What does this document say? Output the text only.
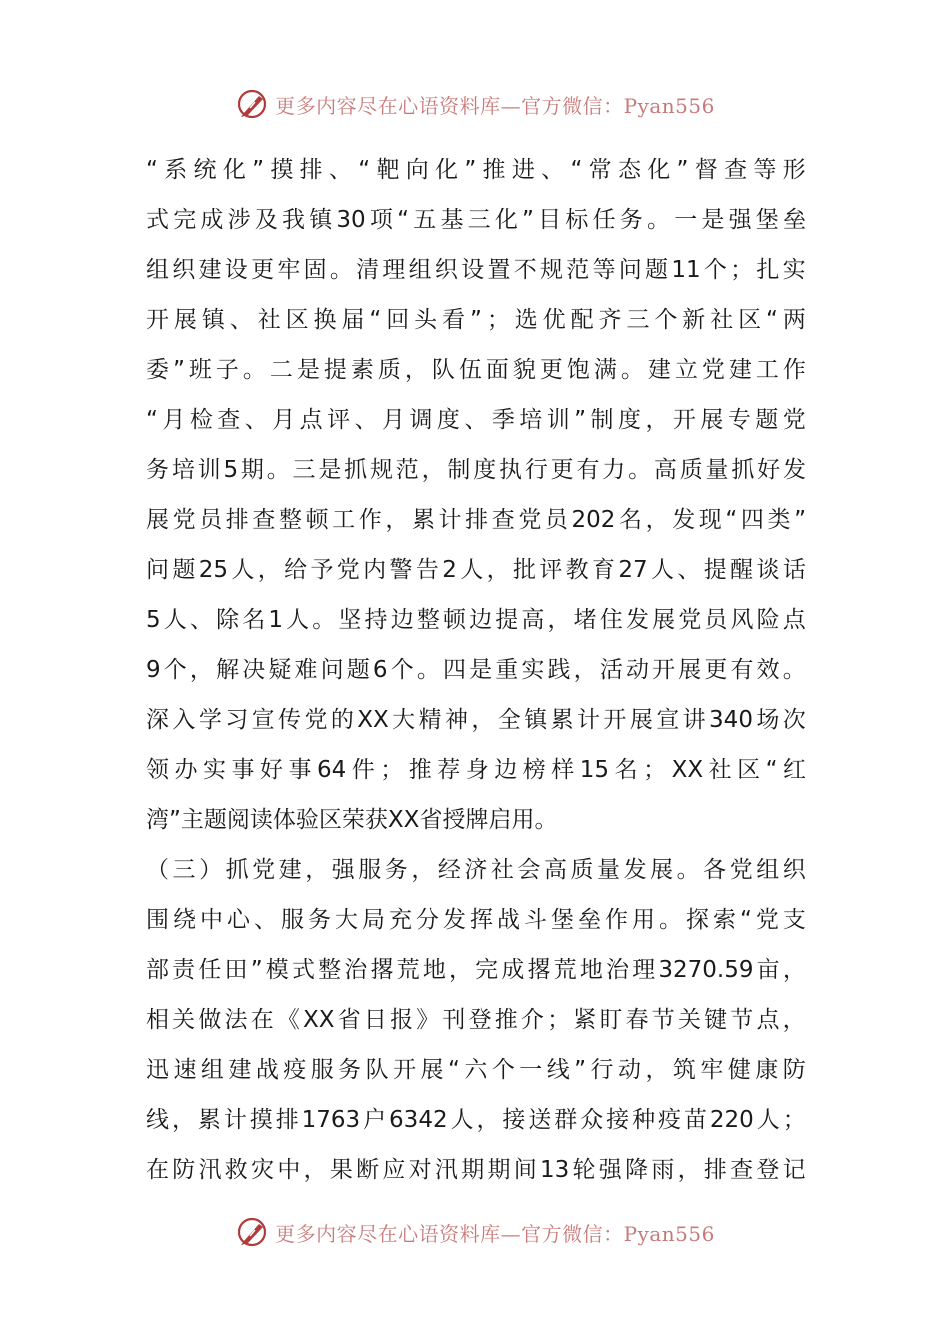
更多内容尽在心语资料库—官方微信：Pyan556
“ 系 统 化 ” 摸 排 、 “ 靶 向 化 ” 推 进 、 “ 常 态 化 ” 督 查 等 形
式 完 成 涉 及 我 镇 30 项 “ 五 基 三 化 ” 目 标 任 务 。 一 是 强 堡 垒
组 织 建 设 更 牢 固 。 清 理 组 织 设 置 不 规 范 等 问 题 11 个 ； 扎 实
开 展 镇 、 社 区 换 届 “ 回 头 看 ” ； 选 优 配 齐 三 个 新 社 区 “ 两
委 ” 班 子 。 二 是 提 素 质 ， 队 伍 面 貌 更 饱 满 。 建 立 党 建 工 作
“ 月 检 查 、 月 点 评 、 月 调 度 、 季 培 训 ” 制 度 ， 开 展 专 题 党
务 培 训 5 期 。 三 是 抓 规 范 ， 制 度 执 行 更 有 力 。 高 质 量 抓 好 发
展 党 员 排 查 整 顿 工 作 ， 累 计 排 查 党 员 202 名 ， 发 现 “ 四 类 ”
问 题 25 人 ， 给 予 党 内 警 告 2 人 ， 批 评 教 育 27 人 、 提 醒 谈 话
5 人 、 除 名 1 人 。 坚 持 边 整 顿 边 提 高 ， 堵 住 发 展 党 员 风 险 点
9 个 ， 解 决 疑 难 问 题 6 个 。 四 是 重 实 践 ， 活 动 开 展 更 有 效 。
深 入 学 习 宣 传 党 的 XX 大 精 神 ， 全 镇 累 计 开 展 宣 讲 340 场 次
领 办 实 事 好 事 64 件 ； 推 荐 身 边 榜 样 15 名 ； XX 社 区 “ 红
湾 ” 主 题 阅 读 体 验 区 荣 获 XX 省 授 牌 启 用 。
（ 三 ） 抓 党 建 ， 强 服 务 ， 经 济 社 会 高 质 量 发 展 。 各 党 组 织
围 绕 中 心 、 服 务 大 局 充 分 发 挥 战 斗 堡 垒 作 用 。 探 索 “ 党 支
部 责 任 田 ” 模 式 整 治 撂 荒 地 ， 完 成 撂 荒 地 治 理 3270.59 亩 ，
相 关 做 法 在 《 XX 省 日 报 》 刊 登 推 介 ； 紧 盯 春 节 关 键 节 点 ，
迅 速 组 建 战 疫 服 务 队 开 展 “ 六 个 一 线 ” 行 动 ， 筑 牢 健 康 防
线 ， 累 计 摸 排 1763 户 6342 人 ， 接 送 群 众 接 种 疫 苗 220 人 ；
在 防 汛 救 灾 中 ， 果 断 应 对 汛 期 期 间 13 轮 强 降 雨 ， 排 查 登 记
更多内容尽在心语资料库—官方微信：Pyan556
